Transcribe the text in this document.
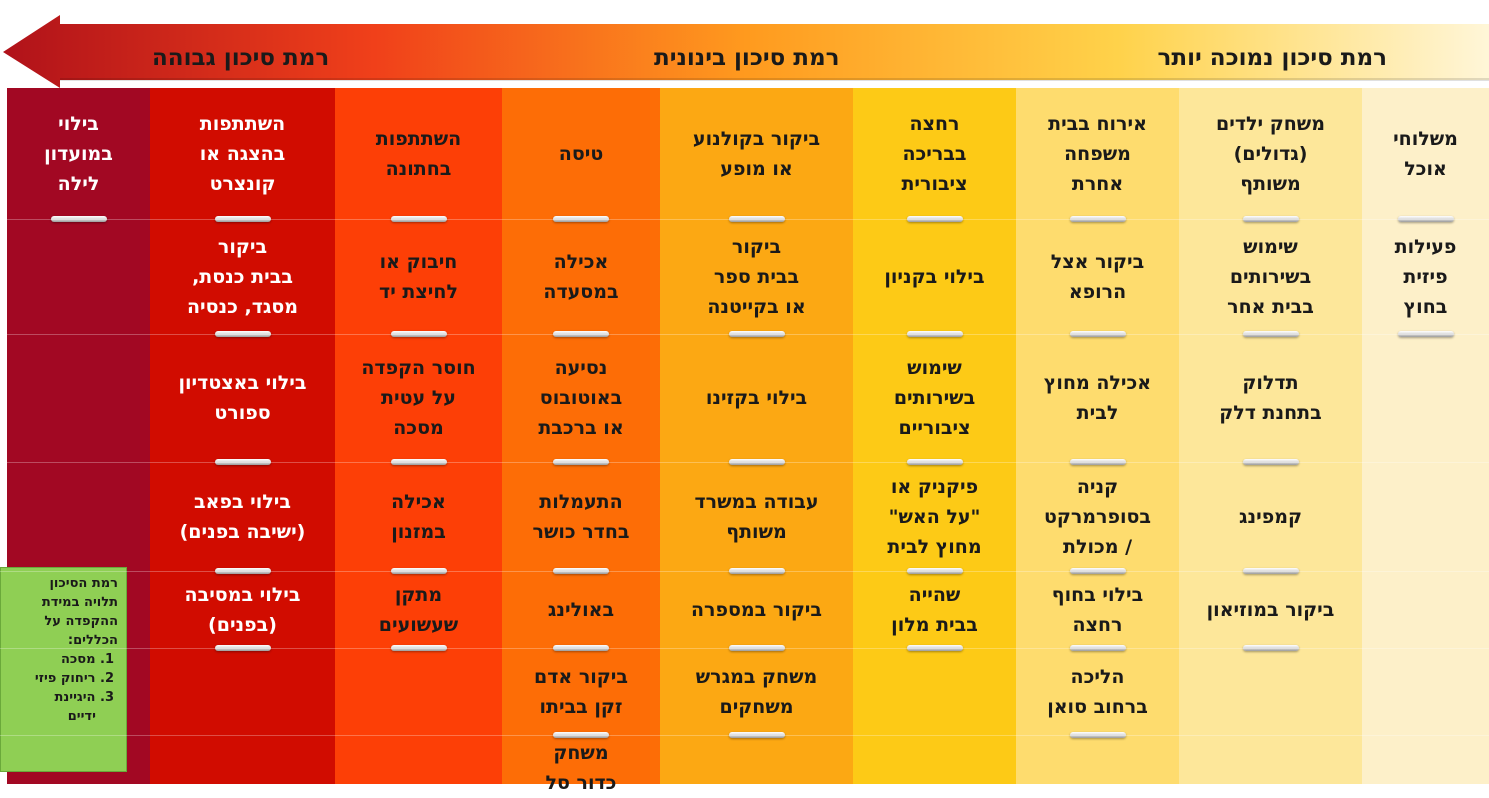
רמת סיכון נמוכה יותר
רמת סיכון בינונית
רמת סיכון גבוהה
משלוחי
אוכל
פעילות
פיזית
בחוץ
משחק ילדים
(גדולים)
משותף
שימוש
בשירותים
בבית אחר
תדלוק
בתחנת דלק
קמפינג
ביקור במוזיאון
אירוח בבית
משפחה
אחרת
ביקור אצל
הרופא
אכילה מחוץ
לבית
קניה
בסופרמרקט
/ מכולת
בילוי בחוף
רחצה
הליכה
ברחוב סואן
רחצה
בבריכה
ציבורית
בילוי בקניון
שימוש
בשירותים
ציבוריים
פיקניק או
"על האש"
מחוץ לבית
שהייה
בבית מלון
ביקור בקולנוע
או מופע
ביקור
בבית ספר
או בקייטנה
בילוי בקזינו
עבודה במשרד
משותף
ביקור במספרה
משחק במגרש
משחקים
טיסה
אכילה
במסעדה
נסיעה
באוטובוס
או ברכבת
התעמלות
בחדר כושר
באולינג
ביקור אדם
זקן בביתו
משחק
כדור סל
השתתפות
בחתונה
חיבוק או
לחיצת יד
חוסר הקפדה
על עטית
מסכה
אכילה
במזנון
מתקן
שעשועים
השתתפות
בהצגה או
קונצרט
ביקור
בבית כנסת,
מסגד, כנסיה
בילוי באצטדיון
ספורט
בילוי בפאב
(ישיבה בפנים)
בילוי במסיבה
(בפנים)
בילוי
במועדון
לילה
רמת הסיכון
תלויה במידת
ההקפדה על
הכללים:
1. מסכה
2. ריחוק פיזי
3. היגיינת
ידיים
